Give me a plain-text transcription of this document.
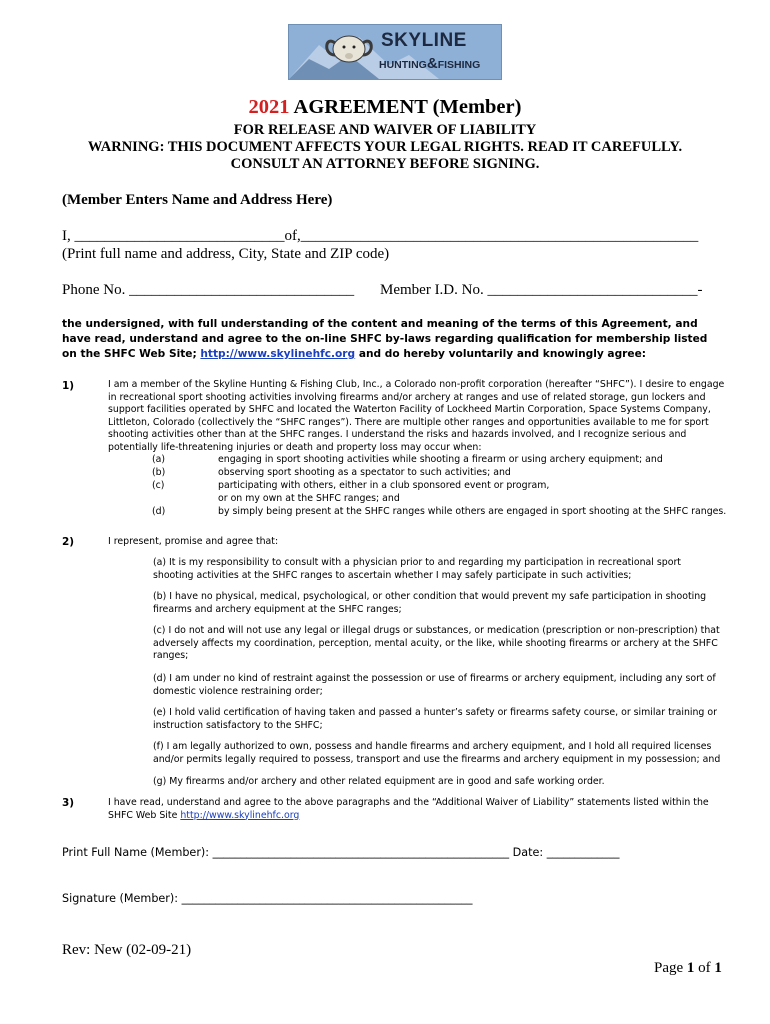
SKYLINE
HUNTING&FISHING
2021 AGREEMENT (Member)
FOR RELEASE AND WAIVER OF LIABILITY
WARNING: THIS DOCUMENT AFFECTS YOUR LEGAL RIGHTS. READ IT CAREFULLY.
CONSULT AN ATTORNEY BEFORE SIGNING.
(Member Enters Name and Address Here)
I, ____________________________of,_____________________________________________________
(Print full name and address, City, State and ZIP code)
Phone No. ______________________________ Member I.D. No. ____________________________-
the undersigned, with full understanding of the content and meaning of the terms of this Agreement, and have read, understand and agree to the on-line SHFC by-laws regarding qualification for membership listed on the SHFC Web Site; http://www.skylinehfc.org and do hereby voluntarily and knowingly agree:
1)	I am a member of the Skyline Hunting & Fishing Club, Inc., a Colorado non-profit corporation (hereafter “SHFC”). I desire to engage in recreational sport shooting activities involving firearms and/or archery at ranges and use of related storage, gun lockers and support facilities operated by SHFC and located the Waterton Facility of Lockheed Martin Corporation, Space Systems Company, Littleton, Colorado (collectively the “SHFC ranges”). There are multiple other ranges and opportunities available to me for sport shooting activities other than at the SHFC ranges. I understand the risks and hazards involved, and I recognize serious and potentially life-threatening injuries or death and property loss may occur when:
(a)	engaging in sport shooting activities while shooting a firearm or using archery equipment; and
(b)	observing sport shooting as a spectator to such activities; and
(c)	participating with others, either in a club sponsored event or program,
or on my own at the SHFC ranges; and
(d)	by simply being present at the SHFC ranges while others are engaged in sport shooting at the SHFC ranges.
2)	I represent, promise and agree that:
(a) It is my responsibility to consult with a physician prior to and regarding my participation in recreational sport shooting activities at the SHFC ranges to ascertain whether I may safely participate in such activities;
(b) I have no physical, medical, psychological, or other condition that would prevent my safe participation in shooting firearms and archery equipment at the SHFC ranges;
(c) I do not and will not use any legal or illegal drugs or substances, or medication (prescription or non-prescription) that adversely affects my coordination, perception, mental acuity, or the like, while shooting firearms or archery at the SHFC ranges;
(d) I am under no kind of restraint against the possession or use of firearms or archery equipment, including any sort of domestic violence restraining order;
(e) I hold valid certification of having taken and passed a hunter’s safety or firearms safety course, or similar training or instruction satisfactory to the SHFC;
(f) I am legally authorized to own, possess and handle firearms and archery equipment, and I hold all required licenses and/or permits legally required to possess, transport and use the firearms and archery equipment in my possession; and
(g) My firearms and/or archery and other related equipment are in good and safe working order.
3)	I have read, understand and agree to the above paragraphs and the “Additional Waiver of Liability” statements listed within the SHFC Web Site http://www.skylinehfc.org
Print Full Name (Member): _____________________________________________________ Date: _____________
Signature (Member): ____________________________________________________
Rev: New (02-09-21)
Page 1 of 1
